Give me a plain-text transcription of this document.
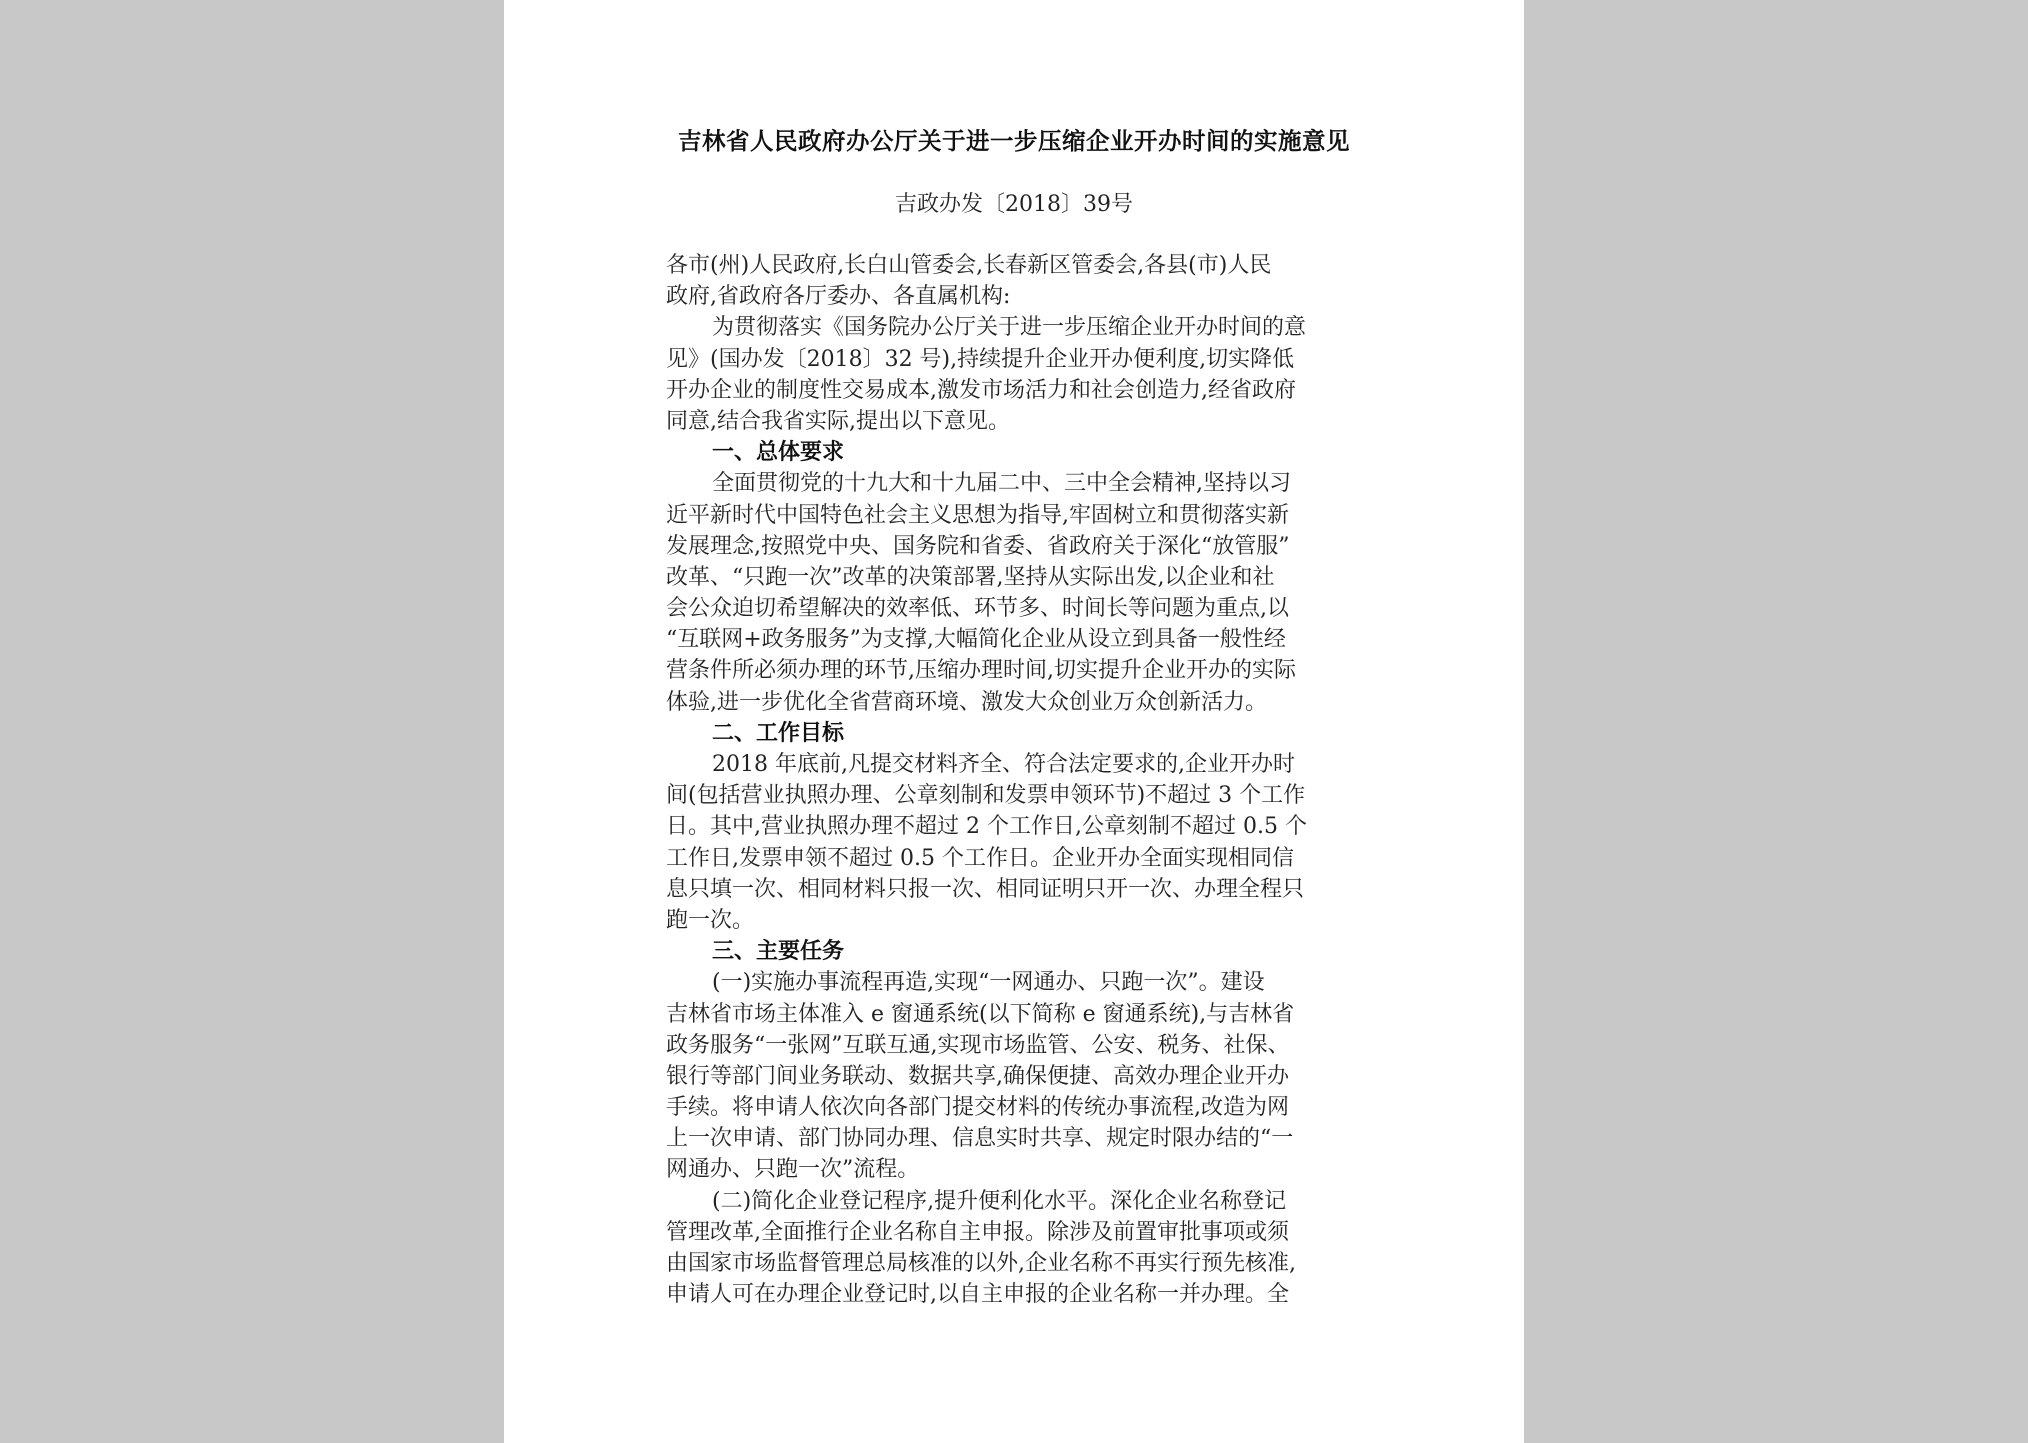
吉林省人民政府办公厅关于进一步压缩企业开办时间的实施意见
吉政办发〔2018〕39号
各市(州)人民政府,长白山管委会,长春新区管委会,各县(市)人民
政府,省政府各厅委办、各直属机构:
为贯彻落实《国务院办公厅关于进一步压缩企业开办时间的意
见》(国办发〔2018〕32 号),持续提升企业开办便利度,切实降低
开办企业的制度性交易成本,激发市场活力和社会创造力,经省政府
同意,结合我省实际,提出以下意见。
一、总体要求
全面贯彻党的十九大和十九届二中、三中全会精神,坚持以习
近平新时代中国特色社会主义思想为指导,牢固树立和贯彻落实新
发展理念,按照党中央、国务院和省委、省政府关于深化“放管服”
改革、“只跑一次”改革的决策部署,坚持从实际出发,以企业和社
会公众迫切希望解决的效率低、环节多、时间长等问题为重点,以
“互联网+政务服务”为支撑,大幅简化企业从设立到具备一般性经
营条件所必须办理的环节,压缩办理时间,切实提升企业开办的实际
体验,进一步优化全省营商环境、激发大众创业万众创新活力。
二、工作目标
2018 年底前,凡提交材料齐全、符合法定要求的,企业开办时
间(包括营业执照办理、公章刻制和发票申领环节)不超过 3 个工作
日。其中,营业执照办理不超过 2 个工作日,公章刻制不超过 0.5 个
工作日,发票申领不超过 0.5 个工作日。企业开办全面实现相同信
息只填一次、相同材料只报一次、相同证明只开一次、办理全程只
跑一次。
三、主要任务
(一)实施办事流程再造,实现“一网通办、只跑一次”。建设
吉林省市场主体准入 e 窗通系统(以下简称 e 窗通系统),与吉林省
政务服务“一张网”互联互通,实现市场监管、公安、税务、社保、
银行等部门间业务联动、数据共享,确保便捷、高效办理企业开办
手续。将申请人依次向各部门提交材料的传统办事流程,改造为网
上一次申请、部门协同办理、信息实时共享、规定时限办结的“一
网通办、只跑一次”流程。
(二)简化企业登记程序,提升便利化水平。深化企业名称登记
管理改革,全面推行企业名称自主申报。除涉及前置审批事项或须
由国家市场监督管理总局核准的以外,企业名称不再实行预先核准,
申请人可在办理企业登记时,以自主申报的企业名称一并办理。全
